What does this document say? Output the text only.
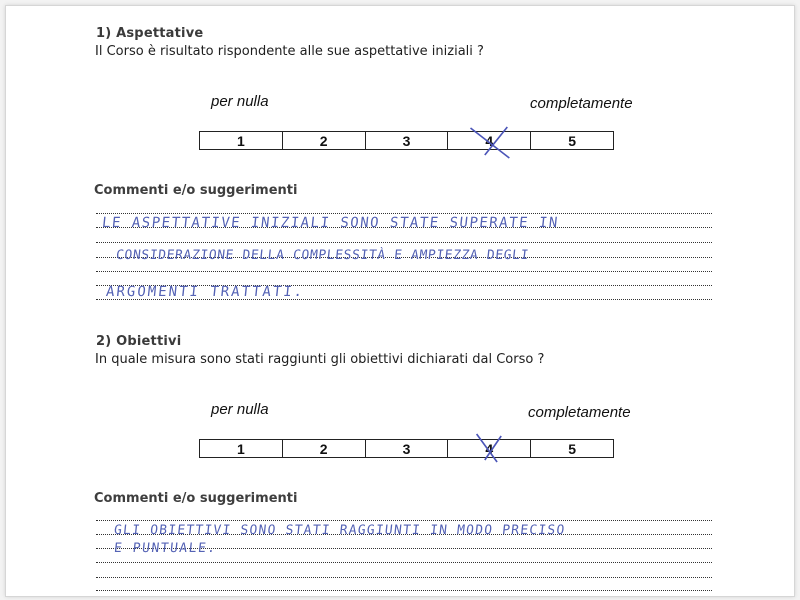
1) Aspettative
Il Corso è risultato rispondente alle sue aspettative iniziali ?
per nulla	completamente
1	2	3	4	5
Commenti e/o suggerimenti
LE ASPETTATIVE INIZIALI SONO STATE SUPERATE IN
CONSIDERAZIONE DELLA COMPLESSITÀ E AMPIEZZA DEGLI
ARGOMENTI TRATTATI.
2) Obiettivi
In quale misura sono stati raggiunti gli obiettivi dichiarati dal Corso ?
per nulla	completamente
1	2	3	4	5
Commenti e/o suggerimenti
GLI OBIETTIVI SONO STATI RAGGIUNTI IN MODO PRECISO
E PUNTUALE.
